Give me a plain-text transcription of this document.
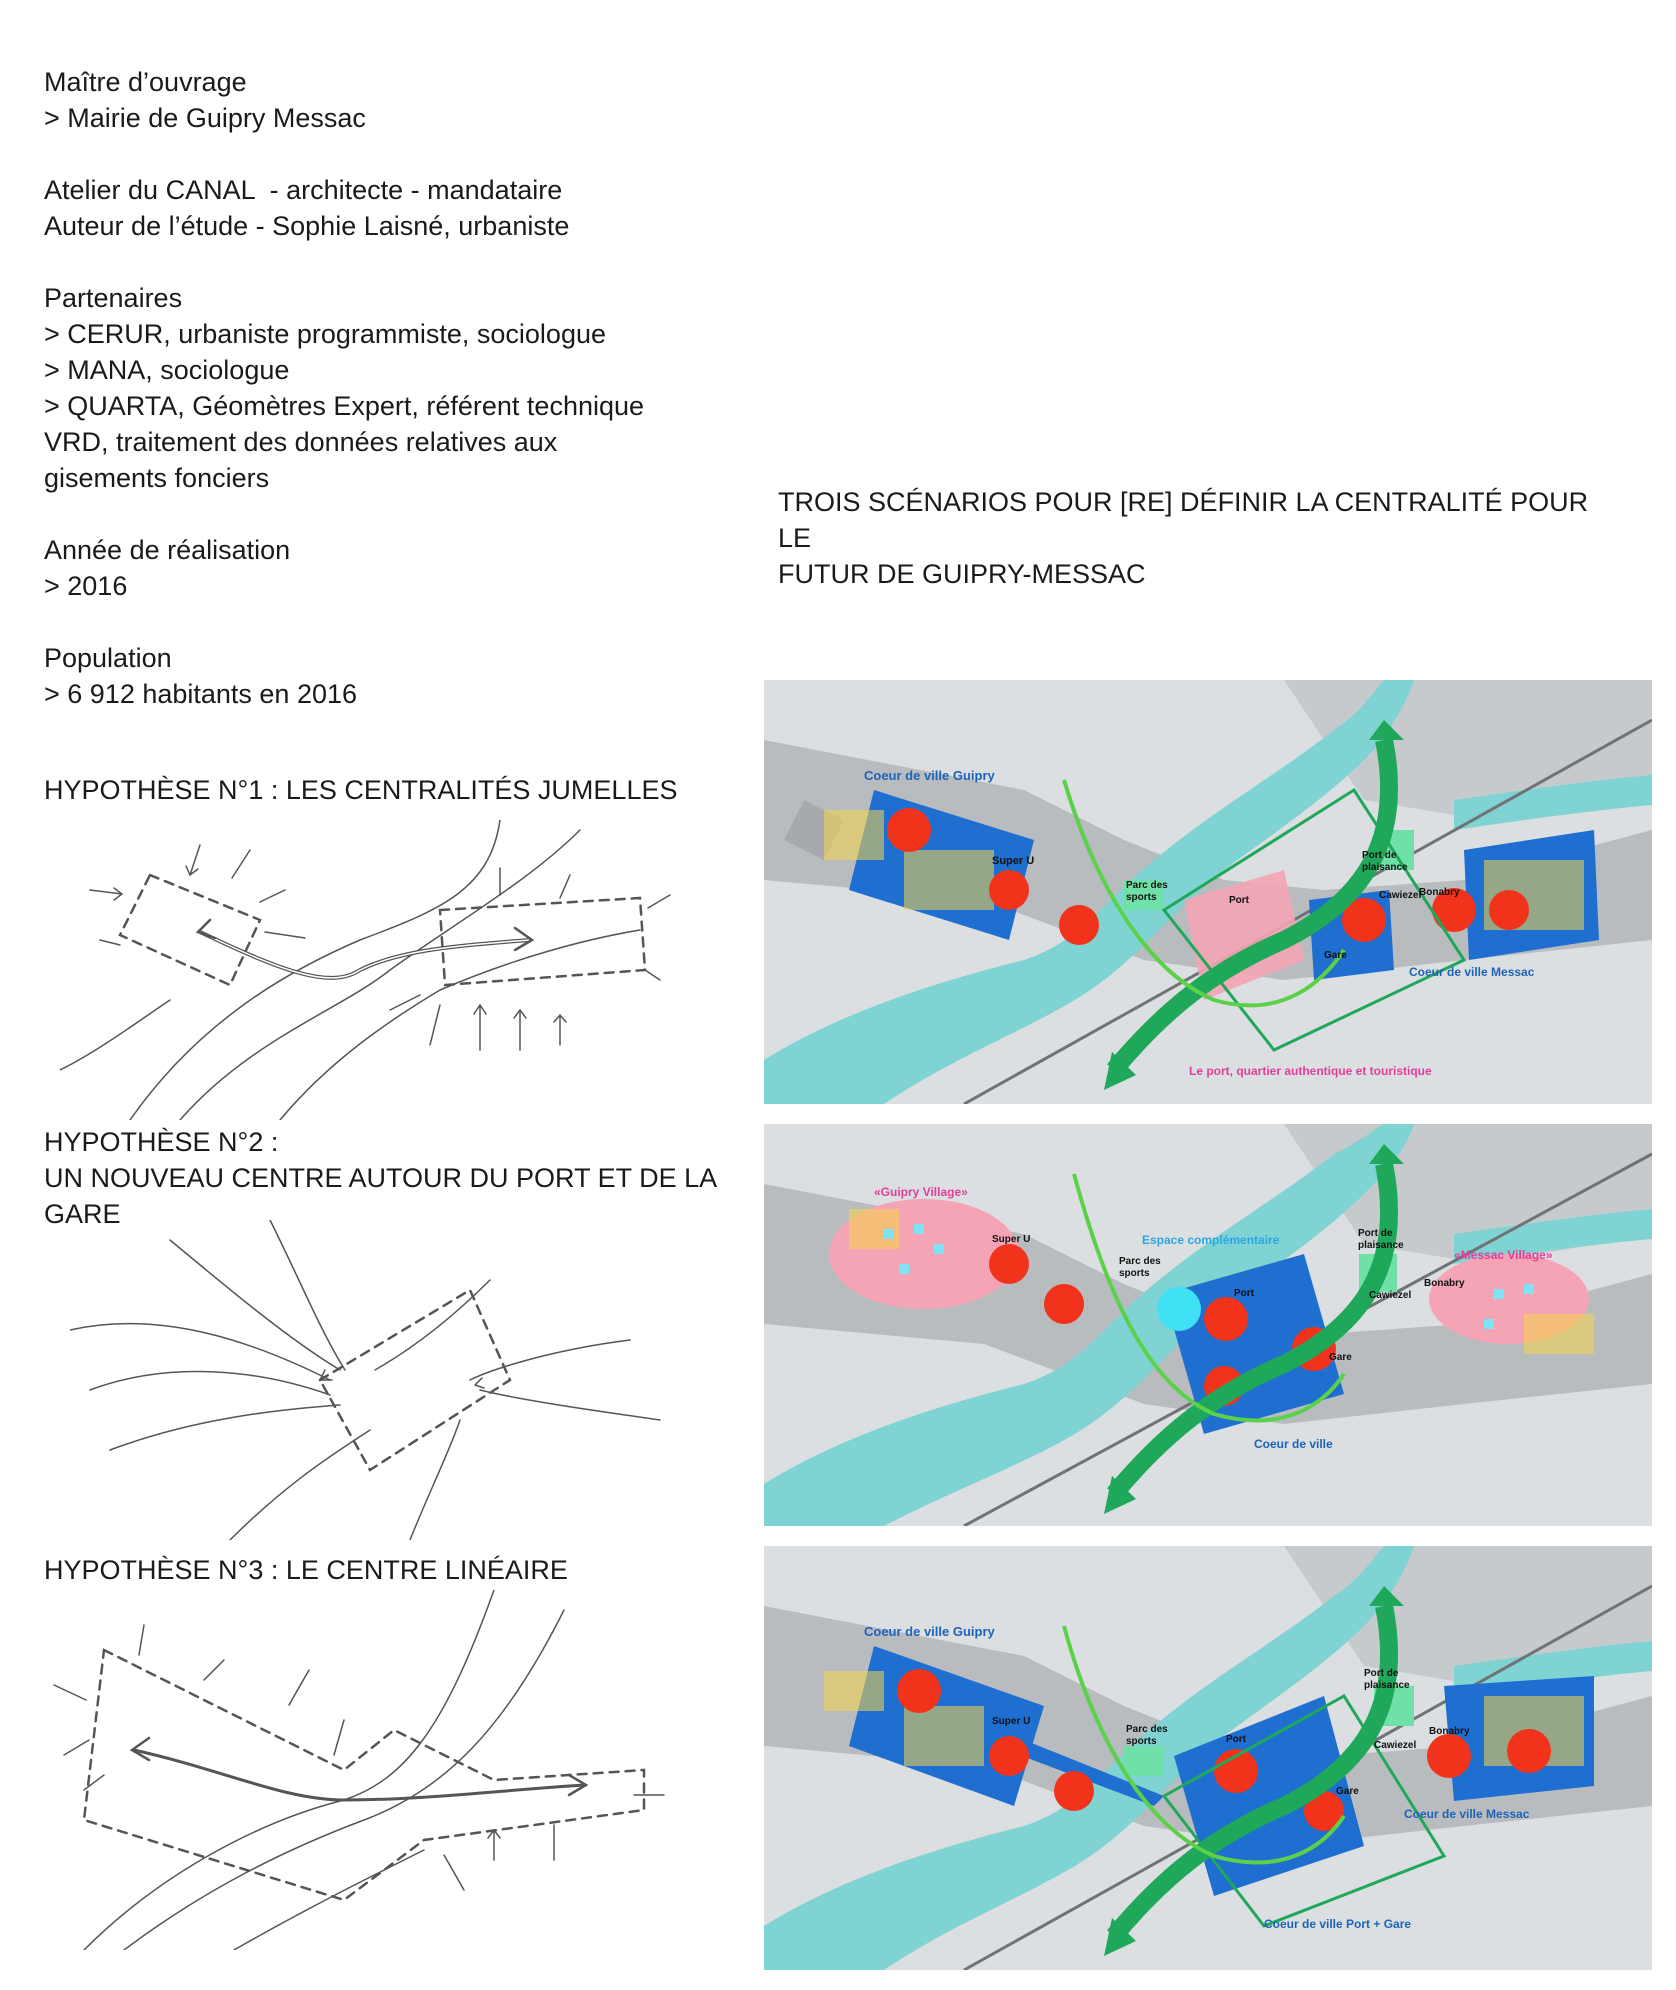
Maître d’ouvrage
> Mairie de Guipry Messac
Atelier du CANAL  - architecte - mandataire
Auteur de l’étude - Sophie Laisné, urbaniste
Partenaires
> CERUR, urbaniste programmiste, sociologue
> MANA, sociologue
> QUARTA, Géomètres Expert, référent technique
VRD, traitement des données relatives aux
gisements fonciers
Année de réalisation
> 2016
Population
> 6 912 habitants en 2016
TROIS SCÉNARIOS POUR [RE] DÉFINIR LA CENTRALITÉ POUR LE
FUTUR DE GUIPRY-MESSAC
HYPOTHÈSE N°1 : LES CENTRALITÉS JUMELLES
HYPOTHÈSE N°2 :
UN NOUVEAU CENTRE AUTOUR DU PORT ET DE LA
GARE
HYPOTHÈSE N°3 : LE CENTRE LINÉAIRE
Coeur de ville Guipry
Super U
Parc des
sports	Port
Port de
plaisance
Bonabry
Cawiezel
Gare
Coeur de ville Messac
Le port, quartier authentique et touristique
«Guipry Village»
Super U	Espace complémentaire
Parc des
sports
Port
Port de
plaisance
«Messac Village»
Bonabry
Cawiezel
Gare
Coeur de ville
Coeur de ville Guipry
Super U
Parc des
sports	Port
Port de
plaisance
Bonabry
Cawiezel
Gare
Coeur de ville Messac
Coeur de ville Port + Gare
